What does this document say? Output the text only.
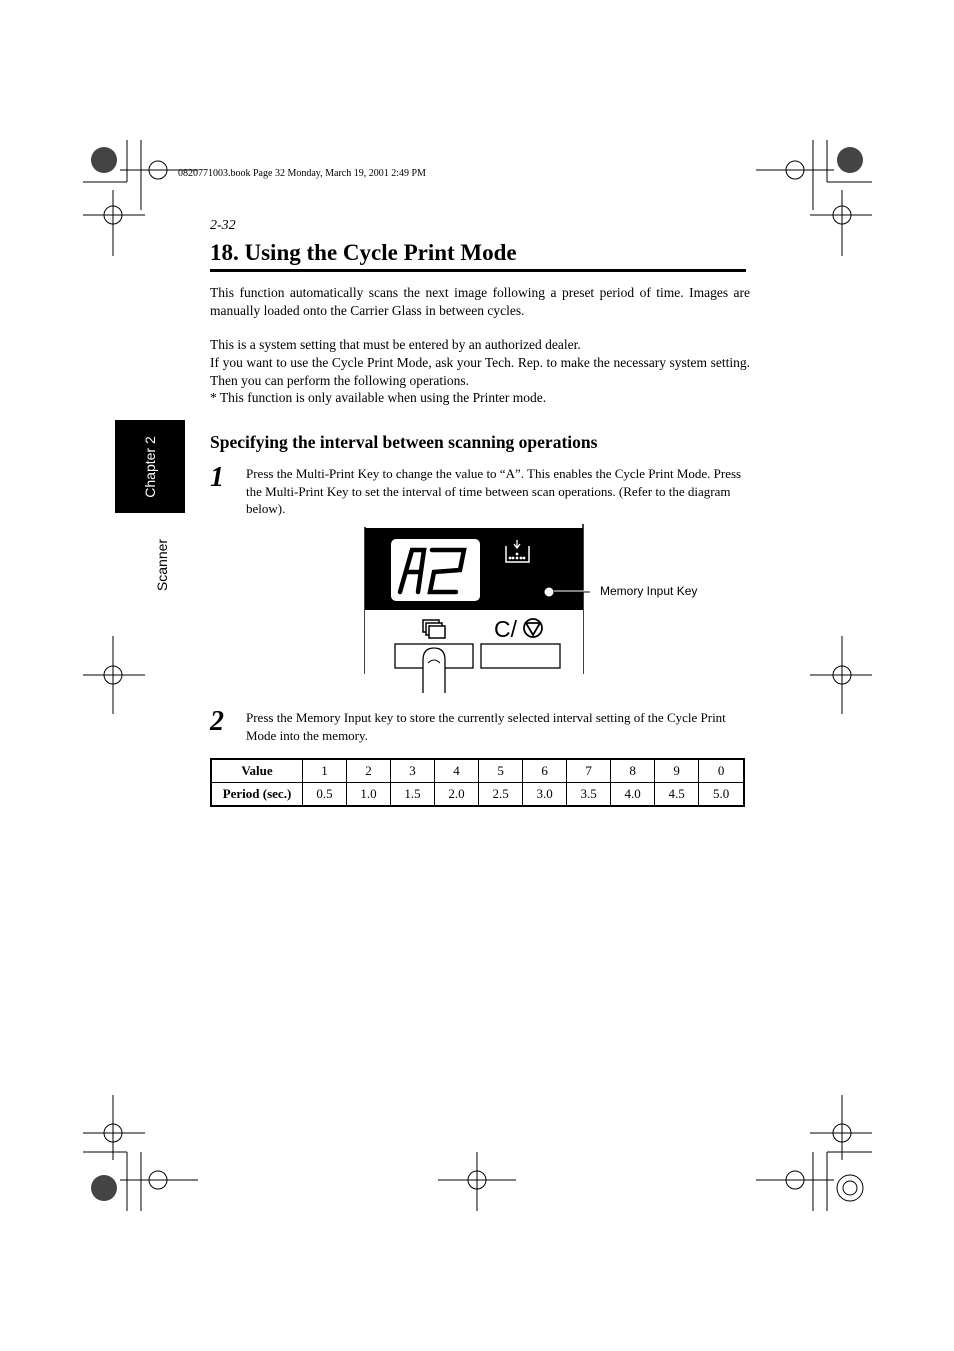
0820771003.book Page 32 Monday, March 19, 2001 2:49 PM
2-32
18. Using the Cycle Print Mode

This function automatically scans the next image following a preset period of time. Images are manually loaded onto the Carrier Glass in between cycles.

This is a system setting that must be entered by an authorized dealer.

If you want to use the Cycle Print Mode, ask your Tech. Rep. to make the necessary system setting. Then you can perform the following operations.

* This function is only available when using the Printer mode.

Chapter 2
Scanner
Specifying the interval between scanning operations
1 Press the Multi-Print Key to change the value to “A”. This enables the Cycle Print Mode. Press the Multi-Print Key to set the interval of time between scan operations. (Refer to the diagram below).

C/
Memory Input Key
2 Press the Memory Input key to store the currently selected interval setting of the Cycle Print Mode into the memory.

Value	1	2	3	4	5	6	7	8	9	0
Period (sec.)	0.5	1.0	1.5	2.0	2.5	3.0	3.5	4.0	4.5	5.0
